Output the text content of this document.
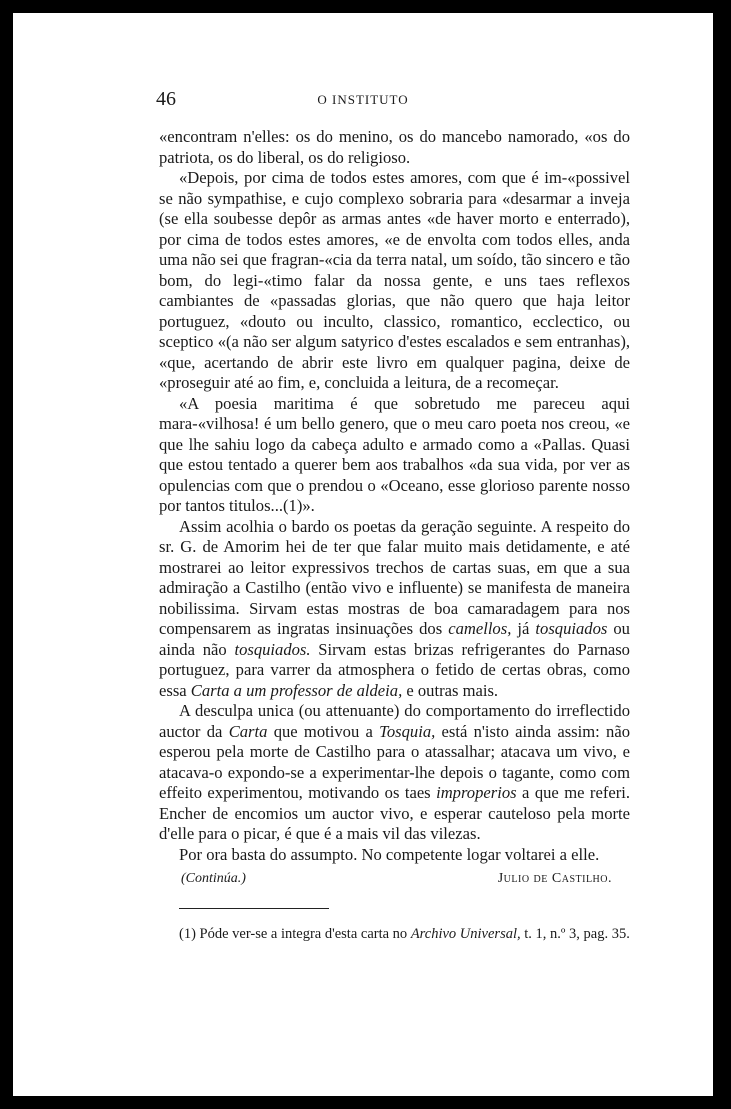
46	O INSTITUTO

«encontram n'elles: os do menino, os do mancebo namorado, «os do patriota, os do liberal, os do religioso.

«Depois, por cima de todos estes amores, com que é im-«possivel se não sympathise, e cujo complexo sobraria para «desarmar a inveja (se ella soubesse depôr as armas antes «de haver morto e enterrado), por cima de todos estes amores, «e de envolta com todos elles, anda uma não sei que fragran-«cia da terra natal, um soído, tão sincero e tão bom, do legi-«timo falar da nossa gente, e uns taes reflexos cambiantes de «passadas glorias, que não quero que haja leitor portuguez, «douto ou inculto, classico, romantico, ecclectico, ou sceptico «(a não ser algum satyrico d'estes escalados e sem entranhas), «que, acertando de abrir este livro em qualquer pagina, deixe de «proseguir até ao fim, e, concluida a leitura, de a recomeçar.

«A poesia maritima é que sobretudo me pareceu aqui mara-«vilhosa! é um bello genero, que o meu caro poeta nos creou, «e que lhe sahiu logo da cabeça adulto e armado como a «Pallas. Quasi que estou tentado a querer bem aos trabalhos «da sua vida, por ver as opulencias com que o prendou o «Oceano, esse glorioso parente nosso por tantos titulos...(1)».

Assim acolhia o bardo os poetas da geração seguinte. A respeito do sr. G. de Amorim hei de ter que falar muito mais detidamente, e até mostrarei ao leitor expressivos trechos de cartas suas, em que a sua admiração a Castilho (então vivo e influente) se manifesta de maneira nobilissima. Sirvam estas mostras de boa camaradagem para nos compensarem as ingratas insinuações dos camellos, já tosquiados ou ainda não tosquiados. Sirvam estas brizas refrigerantes do Parnaso portuguez, para varrer da atmosphera o fetido de certas obras, como essa Carta a um professor de aldeia, e outras mais.

A desculpa unica (ou attenuante) do comportamento do irreflectido auctor da Carta que motivou a Tosquia, está n'isto ainda assim: não esperou pela morte de Castilho para o atassalhar; atacava um vivo, e atacava-o expondo-se a experimentar-lhe depois o tagante, como com effeito experimentou, motivando os taes improperios a que me referi. Encher de encomios um auctor vivo, e esperar cauteloso pela morte d'elle para o picar, é que é a mais vil das vilezas.

Por ora basta do assumpto. No competente logar voltarei a elle.

(Continúa.)	Julio de Castilho.

(1) Póde ver-se a integra d'esta carta no Archivo Universal, t. 1, n.º 3, pag. 35.
